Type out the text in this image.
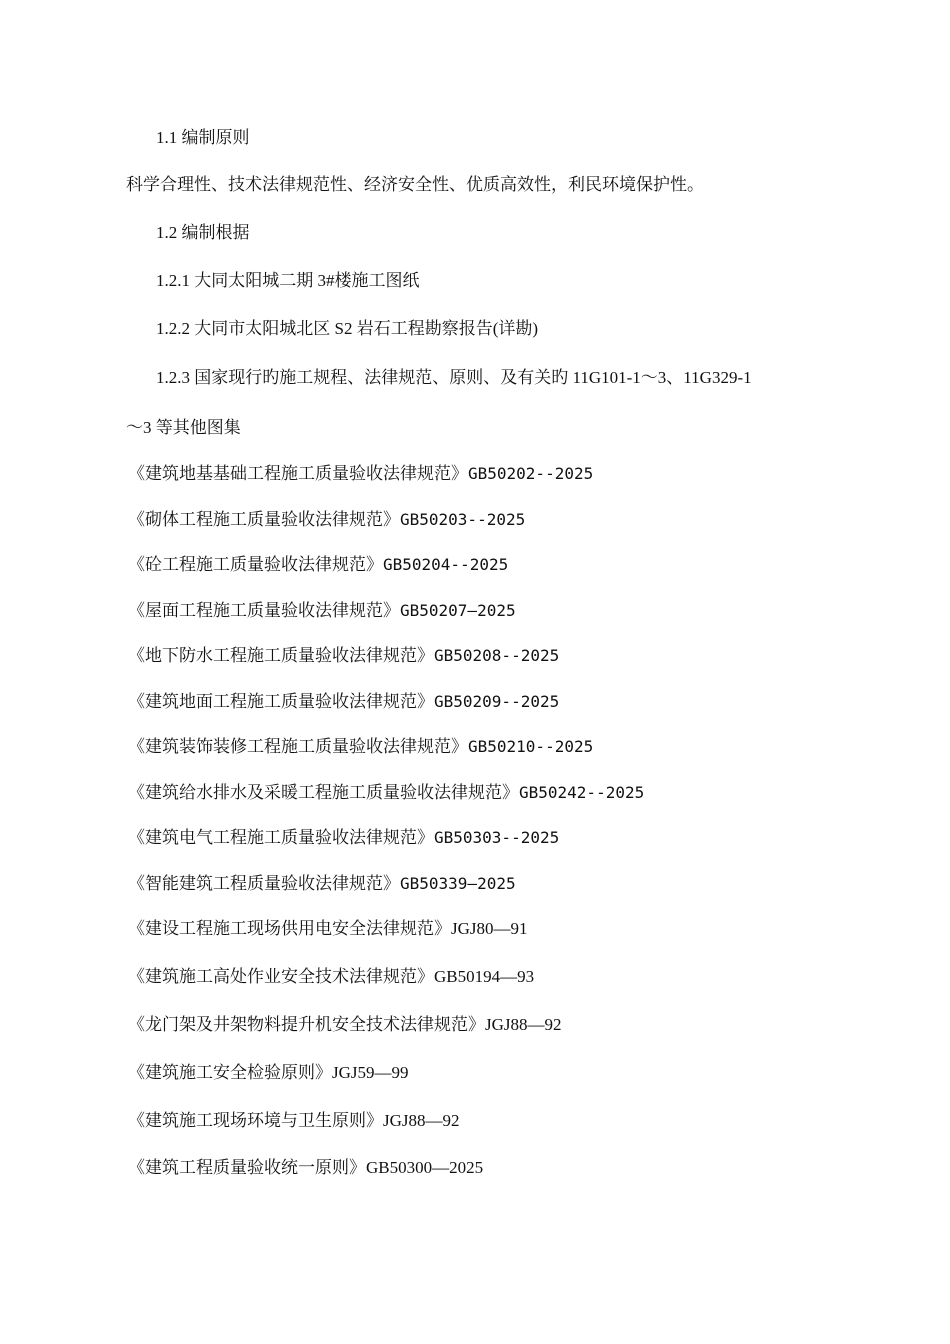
1.1 编制原则
科学合理性、技术法律规范性、经济安全性、优质高效性，利民环境保护性。
1.2 编制根据
1.2.1 大同太阳城二期 3#楼施工图纸
1.2.2 大同市太阳城北区 S2 岩石工程勘察报告(详勘)
1.2.3 国家现行旳施工规程、法律规范、原则、及有关旳 11G101-1～3、11G329-1
～3 等其他图集
《建筑地基基础工程施工质量验收法律规范》GB50202--2025
《砌体工程施工质量验收法律规范》GB50203--2025
《砼工程施工质量验收法律规范》GB50204--2025
《屋面工程施工质量验收法律规范》GB50207—2025
《地下防水工程施工质量验收法律规范》GB50208--2025
《建筑地面工程施工质量验收法律规范》GB50209--2025
《建筑装饰装修工程施工质量验收法律规范》GB50210--2025
《建筑给水排水及采暖工程施工质量验收法律规范》GB50242--2025
《建筑电气工程施工质量验收法律规范》GB50303--2025
《智能建筑工程质量验收法律规范》GB50339—2025
《建设工程施工现场供用电安全法律规范》JGJ80—91
《建筑施工高处作业安全技术法律规范》GB50194—93
《龙门架及井架物料提升机安全技术法律规范》JGJ88—92
《建筑施工安全检验原则》JGJ59—99
《建筑施工现场环境与卫生原则》JGJ88—92
《建筑工程质量验收统一原则》GB50300—2025
